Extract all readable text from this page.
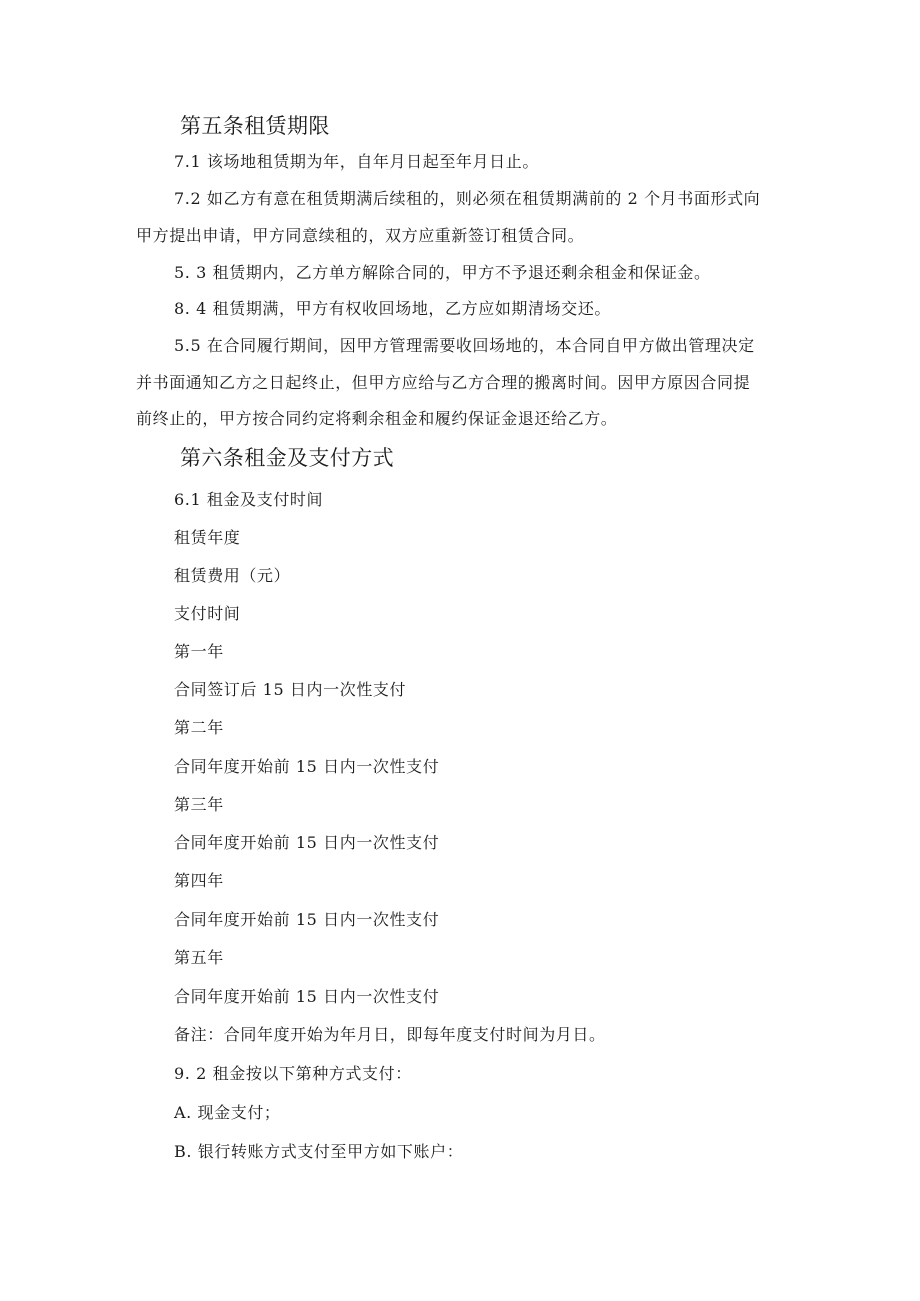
第五条租赁期限
7.1 该场地租赁期为年，自年月日起至年月日止。
7.2 如乙方有意在租赁期满后续租的，则必须在租赁期满前的 2 个月书面形式向
甲方提出申请，甲方同意续租的，双方应重新签订租赁合同。
5. 3 租赁期内，乙方单方解除合同的，甲方不予退还剩余租金和保证金。
8. 4 租赁期满，甲方有权收回场地，乙方应如期清场交还。
5.5 在合同履行期间，因甲方管理需要收回场地的，本合同自甲方做出管理决定
并书面通知乙方之日起终止，但甲方应给与乙方合理的搬离时间。因甲方原因合同提
前终止的，甲方按合同约定将剩余租金和履约保证金退还给乙方。
第六条租金及支付方式
6.1 租金及支付时间
租赁年度
租赁费用（元）
支付时间
第一年
合同签订后 15 日内一次性支付
第二年
合同年度开始前 15 日内一次性支付
第三年
合同年度开始前 15 日内一次性支付
第四年
合同年度开始前 15 日内一次性支付
第五年
合同年度开始前 15 日内一次性支付
备注：合同年度开始为年月日，即每年度支付时间为月日。
9. 2 租金按以下第种方式支付：
A. 现金支付；
B. 银行转账方式支付至甲方如下账户：
